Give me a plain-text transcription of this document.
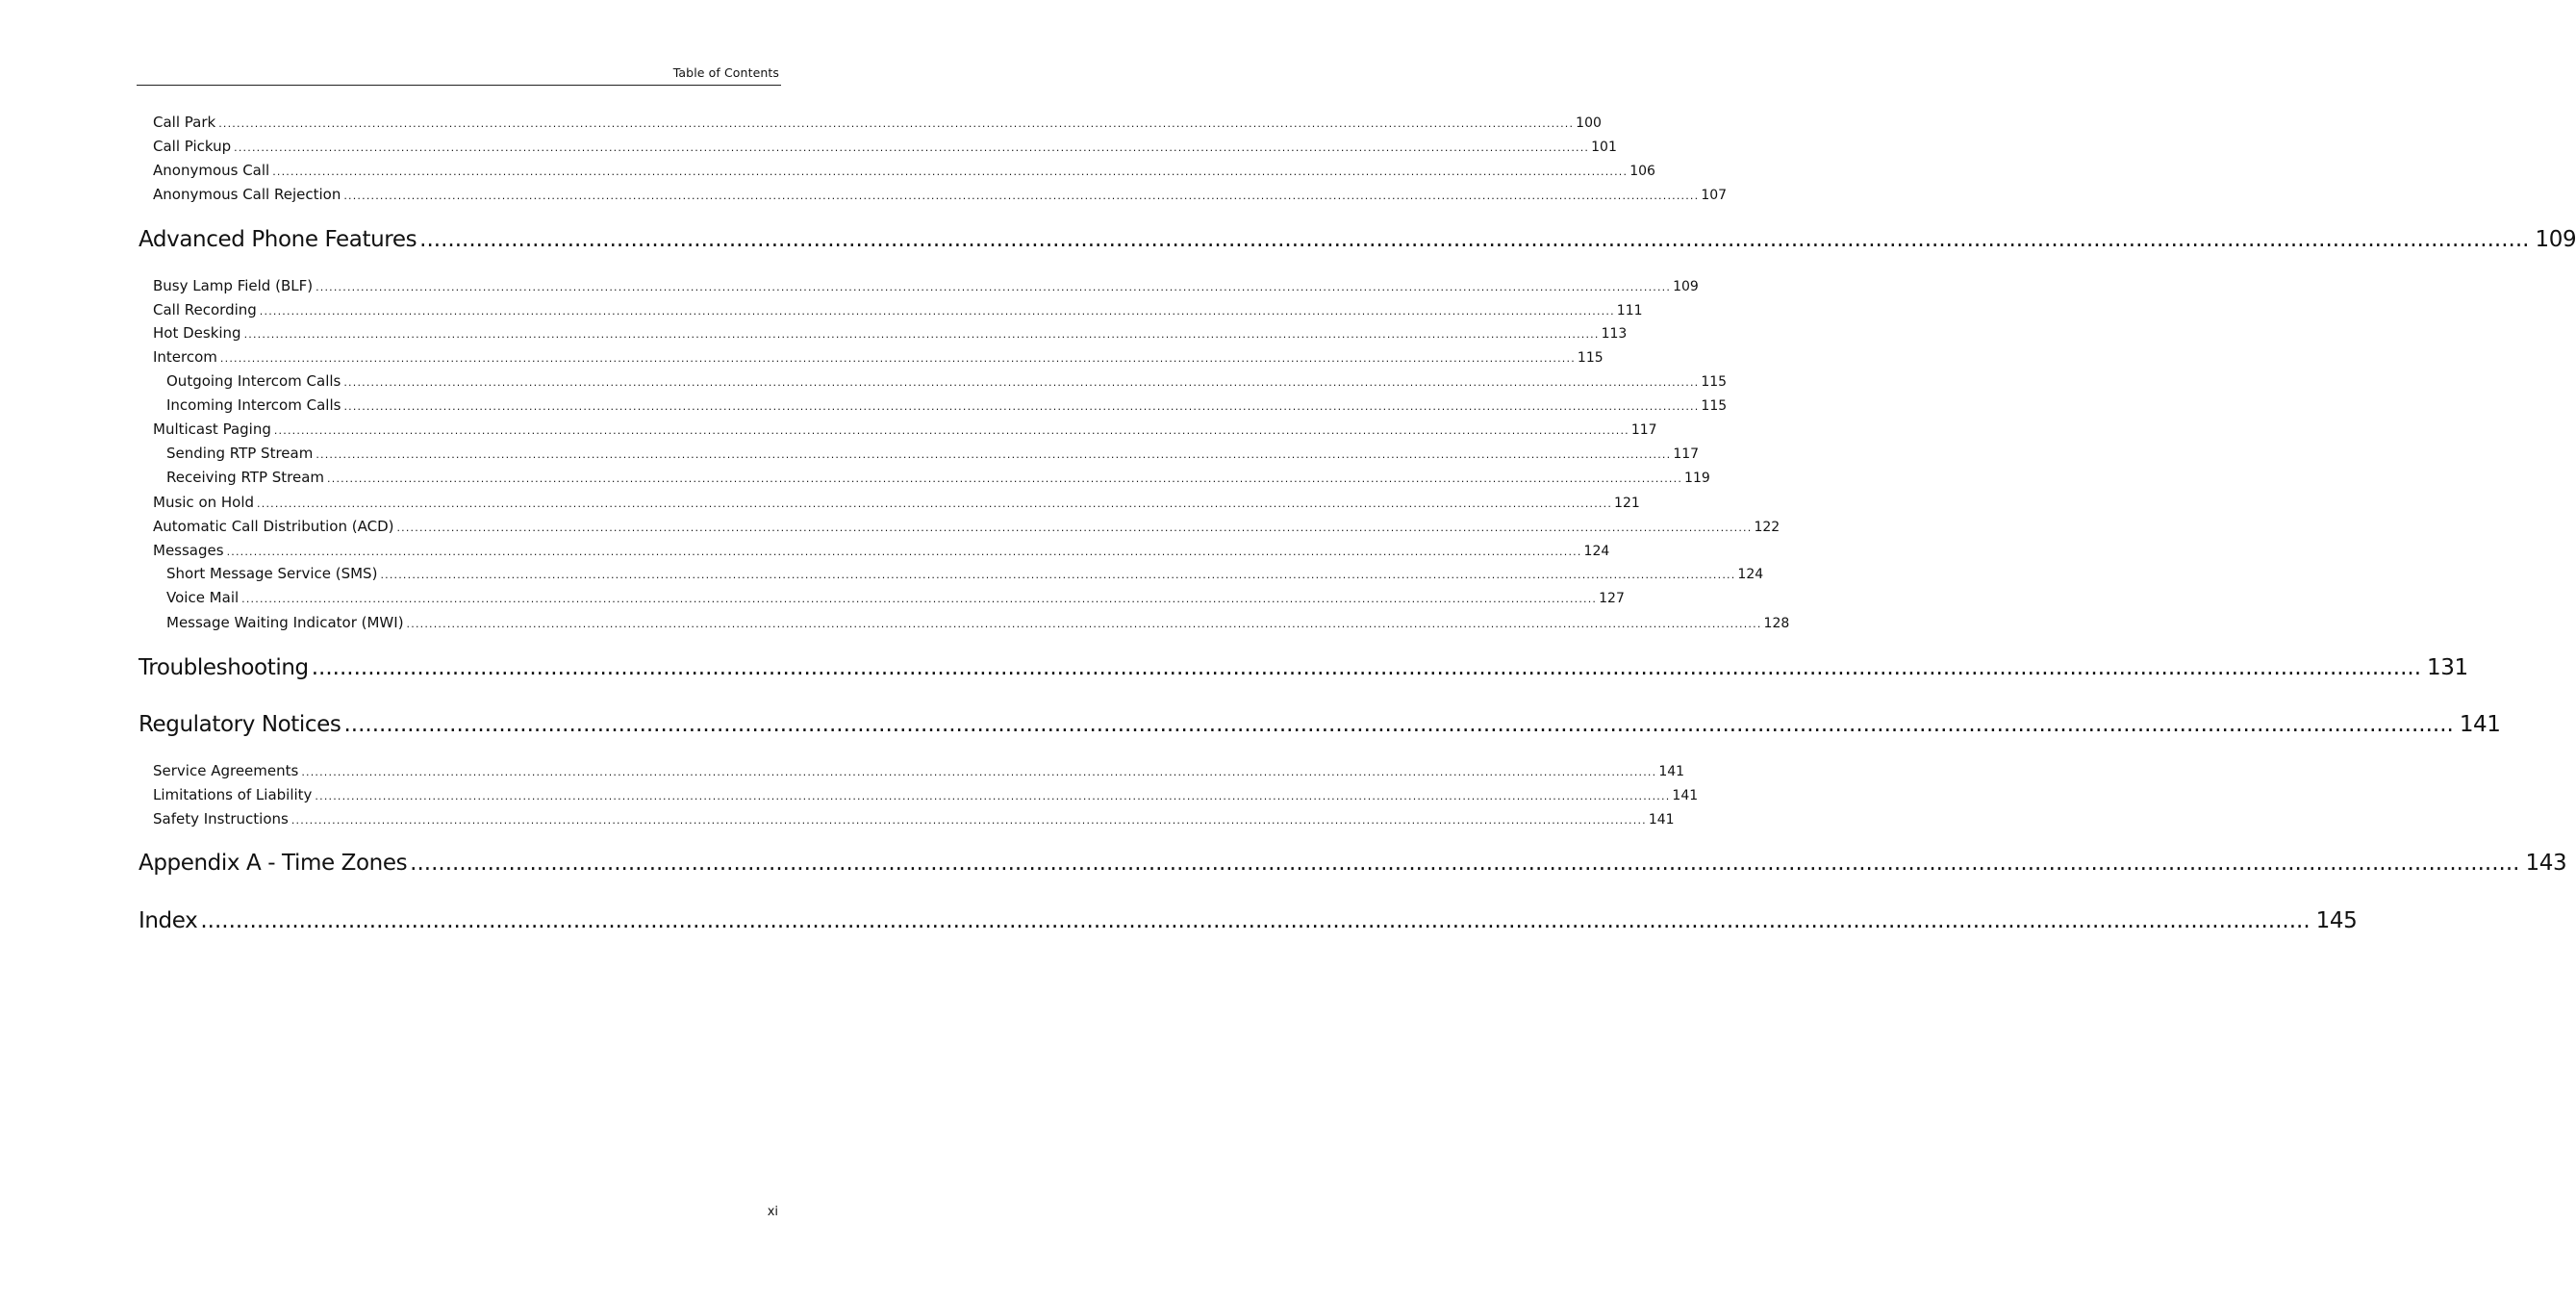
Table of Contents
Call Park ............................................................................................................................................................................................................................................................................................................ 100
Call Pickup ............................................................................................................................................................................................................................................................................................................ 101
Anonymous Call ............................................................................................................................................................................................................................................................................................................ 106
Anonymous Call Rejection ............................................................................................................................................................................................................................................................................................................ 107
Advanced Phone Features ............................................................................................................................................................................................................................................................................................................ 109
Busy Lamp Field (BLF) ............................................................................................................................................................................................................................................................................................................ 109
Call Recording ............................................................................................................................................................................................................................................................................................................ 111
Hot Desking ............................................................................................................................................................................................................................................................................................................ 113
Intercom ............................................................................................................................................................................................................................................................................................................ 115
Outgoing Intercom Calls ............................................................................................................................................................................................................................................................................................................ 115
Incoming Intercom Calls ............................................................................................................................................................................................................................................................................................................ 115
Multicast Paging ............................................................................................................................................................................................................................................................................................................ 117
Sending RTP Stream ............................................................................................................................................................................................................................................................................................................ 117
Receiving RTP Stream ............................................................................................................................................................................................................................................................................................................ 119
Music on Hold ............................................................................................................................................................................................................................................................................................................ 121
Automatic Call Distribution (ACD) ............................................................................................................................................................................................................................................................................................................ 122
Messages ............................................................................................................................................................................................................................................................................................................ 124
Short Message Service (SMS) ............................................................................................................................................................................................................................................................................................................ 124
Voice Mail ............................................................................................................................................................................................................................................................................................................ 127
Message Waiting Indicator (MWI) ............................................................................................................................................................................................................................................................................................................ 128
Troubleshooting ............................................................................................................................................................................................................................................................................................................ 131
Regulatory Notices ............................................................................................................................................................................................................................................................................................................ 141
Service Agreements ............................................................................................................................................................................................................................................................................................................ 141
Limitations of Liability ............................................................................................................................................................................................................................................................................................................ 141
Safety Instructions ............................................................................................................................................................................................................................................................................................................ 141
Appendix A - Time Zones ............................................................................................................................................................................................................................................................................................................ 143
Index ............................................................................................................................................................................................................................................................................................................ 145
xi
